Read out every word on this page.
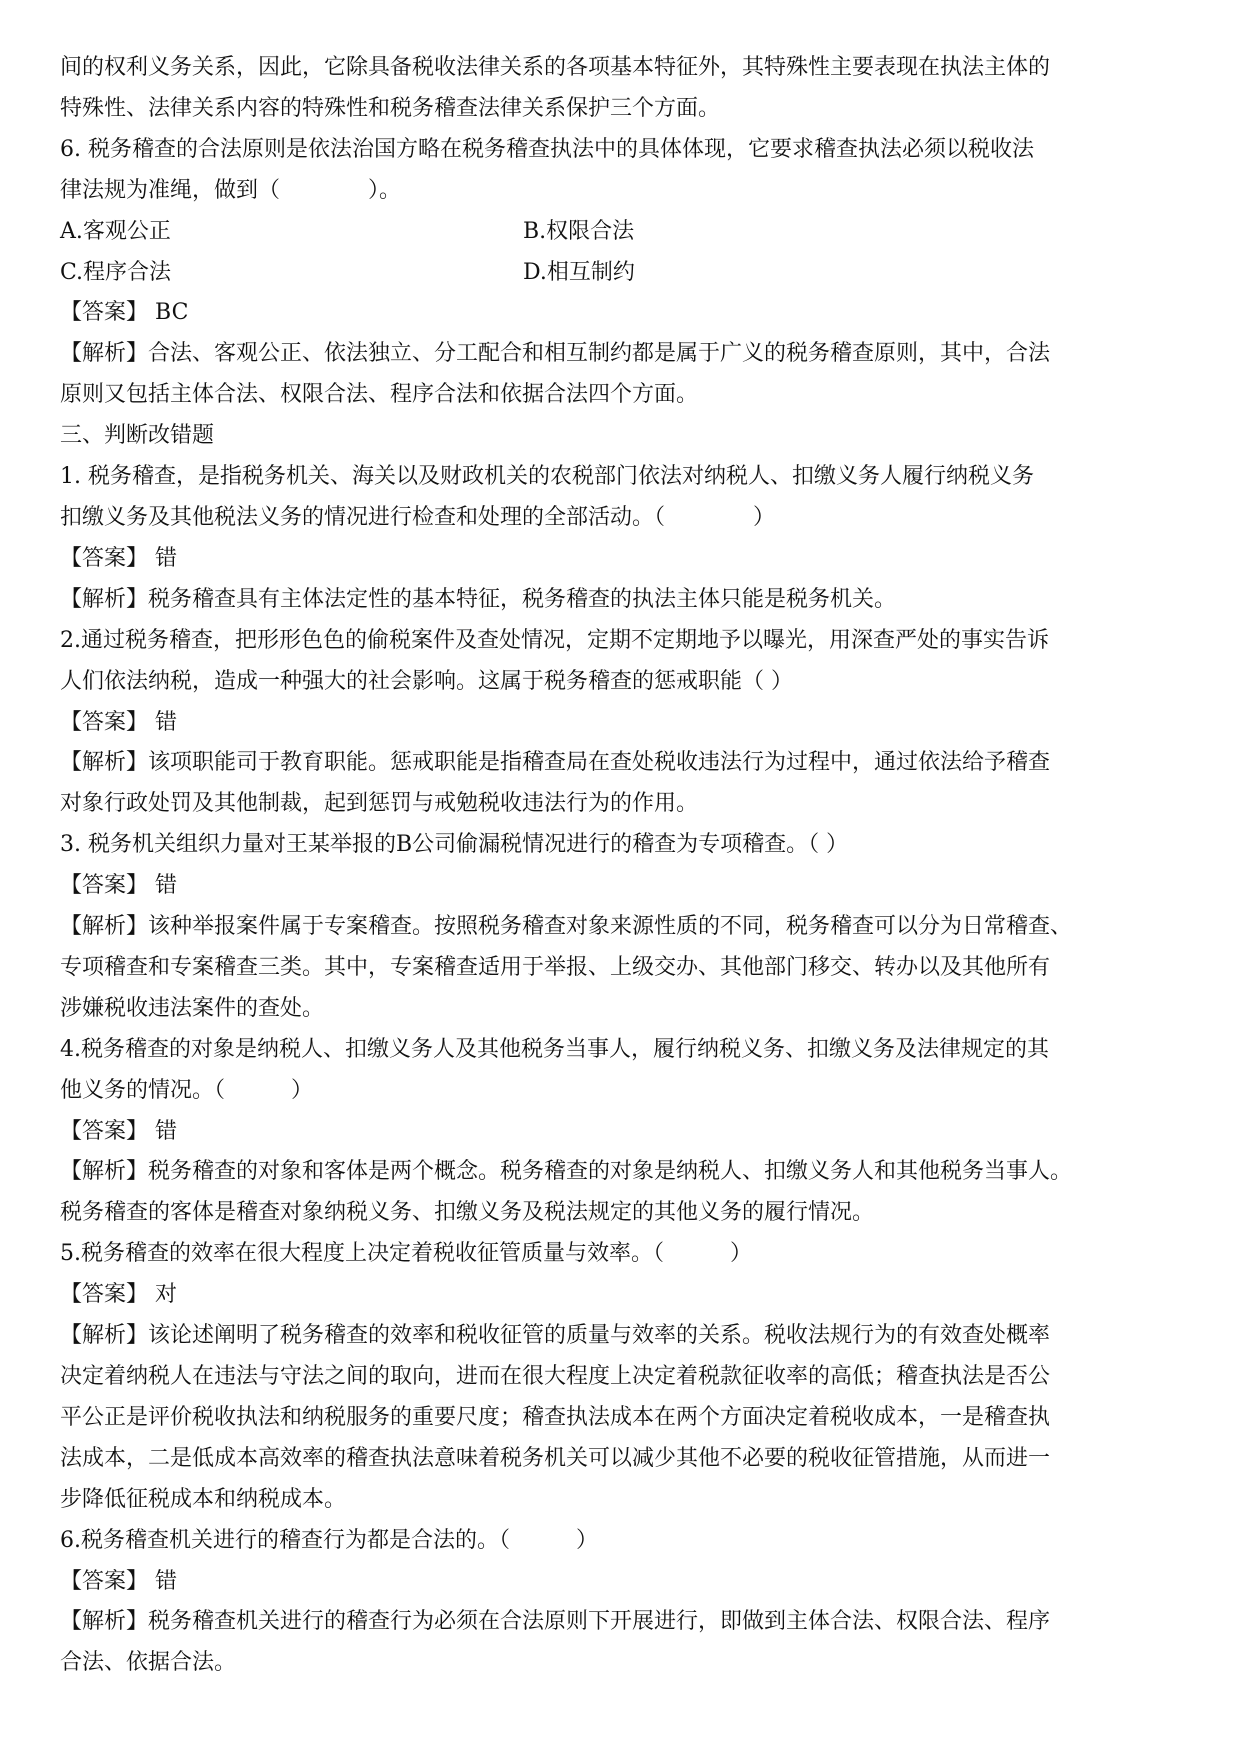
间的权利义务关系，因此，它除具备税收法律关系的各项基本特征外，其特殊性主要表现在执法主体的
特殊性、法律关系内容的特殊性和税务稽查法律关系保护三个方面。
6. 税务稽查的合法原则是依法治国方略在税务稽查执法中的具体体现，它要求稽查执法必须以税收法
律法规为准绳，做到（　　　　）。
A.客观公正	B.权限合法
C.程序合法	D.相互制约
【答案】 BC
【解析】合法、客观公正、依法独立、分工配合和相互制约都是属于广义的税务稽查原则，其中，合法
原则又包括主体合法、权限合法、程序合法和依据合法四个方面。
三、判断改错题
1. 税务稽查，是指税务机关、海关以及财政机关的农税部门依法对纳税人、扣缴义务人履行纳税义务
扣缴义务及其他税法义务的情况进行检查和处理的全部活动。（　　　　）
【答案】 错
【解析】税务稽查具有主体法定性的基本特征，税务稽查的执法主体只能是税务机关。
2.通过税务稽查，把形形色色的偷税案件及查处情况，定期不定期地予以曝光，用深查严处的事实告诉
人们依法纳税，造成一种强大的社会影响。这属于税务稽查的惩戒职能（ ）
【答案】 错
【解析】该项职能司于教育职能。惩戒职能是指稽查局在查处税收违法行为过程中，通过依法给予稽查
对象行政处罚及其他制裁，起到惩罚与戒勉税收违法行为的作用。
3. 税务机关组织力量对王某举报的B公司偷漏税情况进行的稽查为专项稽查。（ ）
【答案】 错
【解析】该种举报案件属于专案稽查。按照税务稽查对象来源性质的不同，税务稽查可以分为日常稽查、
专项稽查和专案稽查三类。其中，专案稽查适用于举报、上级交办、其他部门移交、转办以及其他所有
涉嫌税收违法案件的查处。
4.税务稽查的对象是纳税人、扣缴义务人及其他税务当事人，履行纳税义务、扣缴义务及法律规定的其
他义务的情况。（　　　）
【答案】 错
【解析】税务稽查的对象和客体是两个概念。税务稽查的对象是纳税人、扣缴义务人和其他税务当事人。
税务稽查的客体是稽查对象纳税义务、扣缴义务及税法规定的其他义务的履行情况。
5.税务稽查的效率在很大程度上决定着税收征管质量与效率。（　　　）
【答案】 对
【解析】该论述阐明了税务稽查的效率和税收征管的质量与效率的关系。税收法规行为的有效查处概率
决定着纳税人在违法与守法之间的取向，进而在很大程度上决定着税款征收率的高低；稽查执法是否公
平公正是评价税收执法和纳税服务的重要尺度；稽查执法成本在两个方面决定着税收成本，一是稽查执
法成本，二是低成本高效率的稽查执法意味着税务机关可以减少其他不必要的税收征管措施，从而进一
步降低征税成本和纳税成本。
6.税务稽查机关进行的稽查行为都是合法的。（　　　）
【答案】 错
【解析】税务稽查机关进行的稽查行为必须在合法原则下开展进行，即做到主体合法、权限合法、程序
合法、依据合法。
